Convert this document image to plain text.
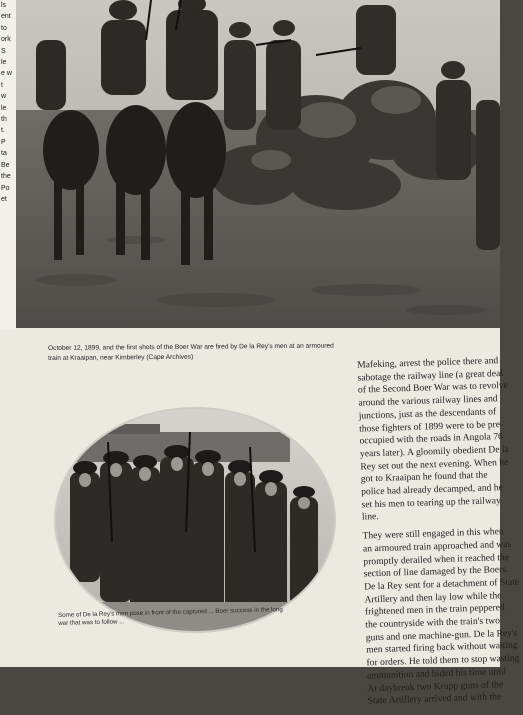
ls
ent
to
ork
S
le
e w
t
w
le
th
t.
P
ta
Be
the
Po
et
October 12, 1899, and the first shots of the Boer War are fired by De la Rey's men at an armoured train at Kraaipan, near Kimberley (Cape Archives)
Some of De la Rey's men pose in front of the captured ... Boer success in the long war that was to follow ...

Mafeking, arrest the police there and
sabotage the railway line (a great deal
of the Second Boer War was to revolve
around the various railway lines and
junctions, just as the descendants of
those fighters of 1899 were to be pre-
occupied with the roads in Angola 76
years later). A gloomily obedient De la
Rey set out the next evening. When he
got to Kraaipan he found that the
police had already decamped, and he
set his men to tearing up the railway
line.

They were still engaged in this when
an armoured train approached and was
promptly derailed when it reached the
section of line damaged by the Boers.
De la Rey sent for a detachment of State
Artillery and then lay low while the
frightened men in the train peppered
the countryside with the train's two
guns and one machine-gun. De la Rey's
men started firing back without waiting
for orders. He told them to stop wasting
ammunition and bided his time until
At daybreak two Krupp guns of the
State Artillery arrived and with the
